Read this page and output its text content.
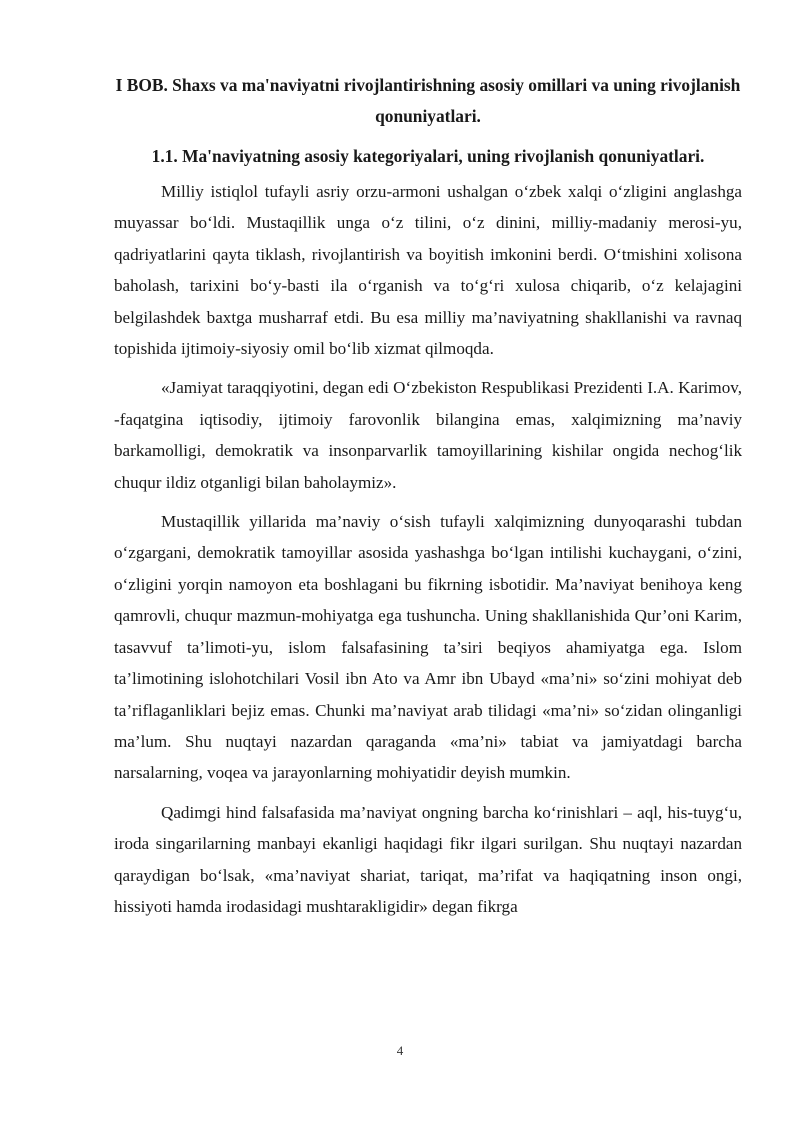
I BOB. Shaxs va ma'naviyatni rivojlantirishning asosiy omillari va uning rivojlanish qonuniyatlari.
1.1. Ma'naviyatning asosiy kategoriyalari, uning rivojlanish qonuniyatlari.

Milliy istiqlol tufayli asriy orzu-armoni ushalgan o‘zbek xalqi o‘zligini anglashga muyassar bo‘ldi. Mustaqillik unga o‘z tilini, o‘z dinini, milliy-madaniy merosi-yu, qadriyatlarini qayta tiklash, rivojlantirish va boyitish imkonini berdi. O‘tmishini xolisona baholash, tarixini bo‘y-basti ila o‘rganish va to‘g‘ri xulosa chiqarib, o‘z kelajagini belgilashdek baxtga musharraf etdi. Bu esa milliy ma’naviyatning shakllanishi va ravnaq topishida ijtimoiy-siyosiy omil bo‘lib xizmat qilmoqda.

«Jamiyat taraqqiyotini, degan edi O‘zbekiston Respublikasi Prezidenti I.A. Karimov, -faqatgina iqtisodiy, ijtimoiy farovonlik bilangina emas, xalqimizning ma’naviy barkamolligi, demokratik va insonparvarlik tamoyillarining kishilar ongida nechog‘lik chuqur ildiz otganligi bilan baholaymiz».

Mustaqillik yillarida ma’naviy o‘sish tufayli xalqimizning dunyoqarashi tubdan o‘zgargani, demokratik tamoyillar asosida yashashga bo‘lgan intilishi kuchaygani, o‘zini, o‘zligini yorqin namoyon eta boshlagani bu fikrning isbotidir. Ma’naviyat benihoya keng qamrovli, chuqur mazmun-mohiyatga ega tushuncha. Uning shakllanishida Qur’oni Karim, tasavvuf ta’limoti-yu, islom falsafasining ta’siri beqiyos ahamiyatga ega. Islom ta’limotining islohotchilari Vosil ibn Ato va Amr ibn Ubayd «ma’ni» so‘zini mohiyat deb ta’riflaganliklari bejiz emas. Chunki ma’naviyat arab tilidagi «ma’ni» so‘zidan olinganligi ma’lum. Shu nuqtayi nazardan qaraganda «ma’ni» tabiat va jamiyatdagi barcha narsalarning, voqea va jarayonlarning mohiyatidir deyish mumkin.

Qadimgi hind falsafasida ma’naviyat ongning barcha ko‘rinishlari – aql, his-tuyg‘u, iroda singarilarning manbayi ekanligi haqidagi fikr ilgari surilgan. Shu nuqtayi nazardan qaraydigan bo‘lsak, «ma’naviyat shariat, tariqat, ma’rifat va haqiqatning inson ongi, hissiyoti hamda irodasidagi mushtarakligidir» degan fikrga

4
